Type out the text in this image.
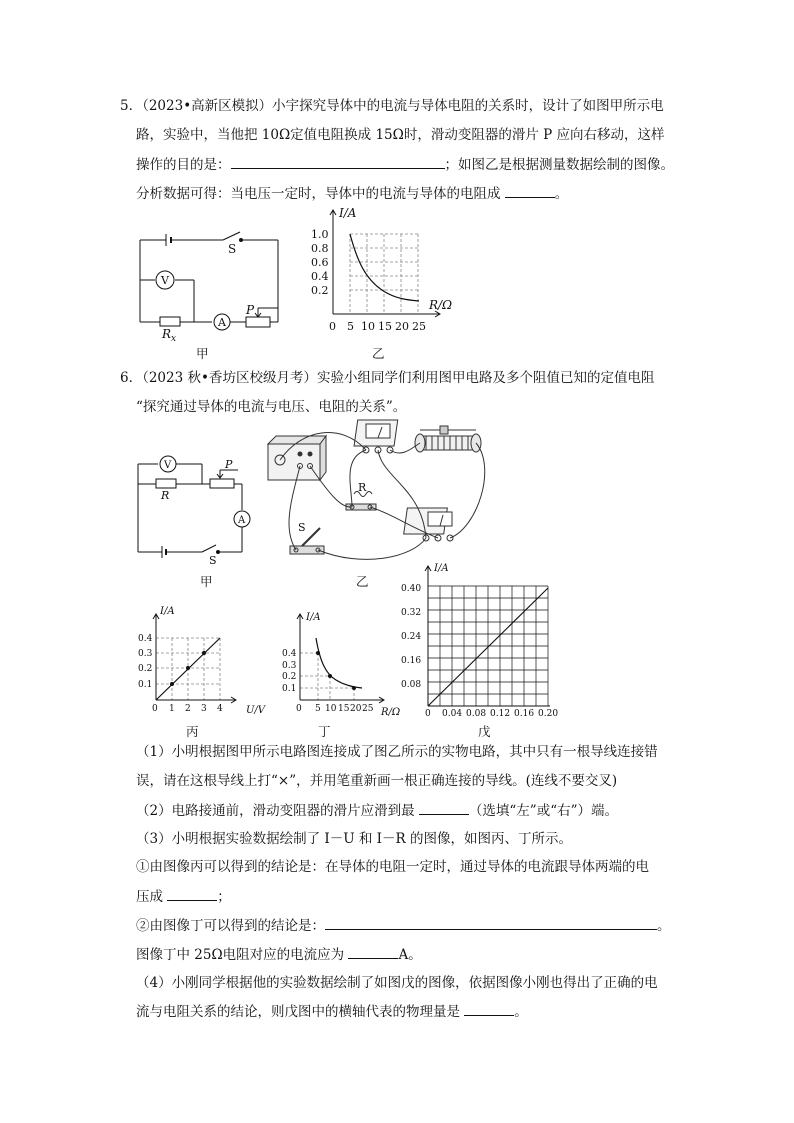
5．（2023•高新区模拟）小宇探究导体中的电流与导体电阻的关系时，设计了如图甲所示电
路，实验中，当他把 10Ω定值电阻换成 15Ω时，滑动变阻器的滑片 P 应向右移动，这样
操作的目的是：	；如图乙是根据测量数据绘制的图像。
分析数据可得：当电压一定时，导体中的电流与导体的电阻成	。
S
V
A
P
$R_x$
甲
I/A
R/Ω
0
1.0
0.8
0.6
0.4
0.2
5 10 15 20 25
乙
6．（2023 秋•香坊区校级月考）实验小组同学们利用图甲电路及多个阻值已知的定值电阻
“探究通过导体的电流与电压、电阻的关系”。
V	P
R
A
S
甲
R
S
乙
I/A
U/V
0
0.4
0.3
0.2
0.1
1 2 3 4
丙
I/A
R/Ω
0
0.4
0.3
0.2
0.1
5 10 15 20 25
丁
I/A
0
0.40
0.32
0.24
0.16
0.08
0.04 0.08 0.12 0.16 0.20
戊
（1）小明根据图甲所示电路图连接成了图乙所示的实物电路，其中只有一根导线连接错
误，请在这根导线上打“×”，并用笔重新画一根正确连接的导线。(连线不要交叉)
（2）电路接通前，滑动变阻器的滑片应滑到最	（选填“左”或“右”）端。
（3）小明根据实验数据绘制了 I－U 和 I－R 的图像，如图丙、丁所示。
①由图像丙可以得到的结论是：在导体的电阻一定时，通过导体的电流跟导体两端的电
压成	；
②由图像丁可以得到的结论是：	。
图像丁中 25Ω电阻对应的电流应为	A。
（4）小刚同学根据他的实验数据绘制了如图戊的图像，依据图像小刚也得出了正确的电
流与电阻关系的结论，则戊图中的横轴代表的物理量是	。
